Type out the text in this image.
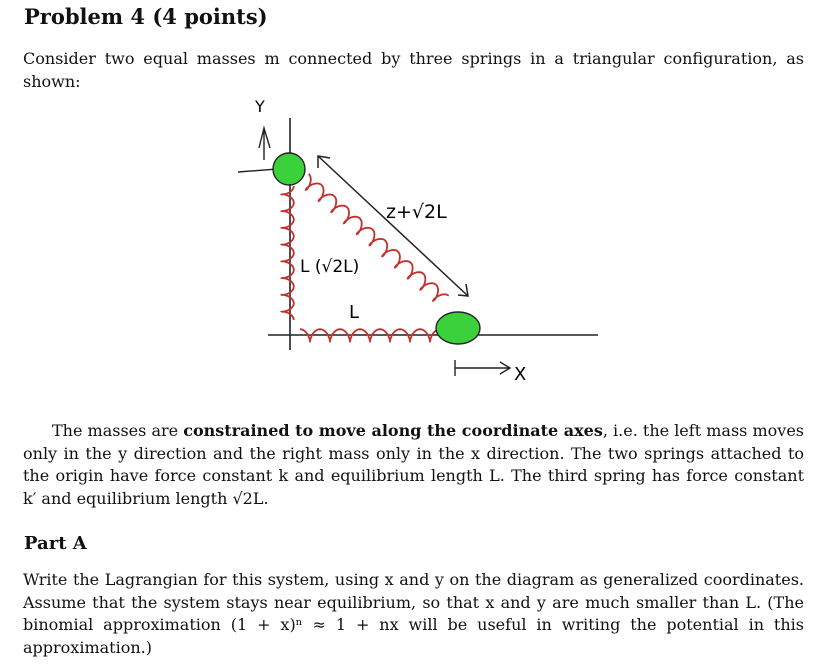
Problem 4 (4 points)
Consider two equal masses m connected by three springs in a triangular configuration, as shown:
Y
X
z+√2L
L (√2L)
L
The masses are constrained to move along the coordinate axes, i.e. the left mass moves only in the y direction and the right mass only in the x direction. The two springs attached to the origin have force constant k and equilibrium length L. The third spring has force constant k′ and equilibrium length √2L.
Part A
Write the Lagrangian for this system, using x and y on the diagram as generalized coordinates. Assume that the system stays near equilibrium, so that x and y are much smaller than L. (The binomial approximation (1 + x)ⁿ ≈ 1 + nx will be useful in writing the potential in this approximation.)
